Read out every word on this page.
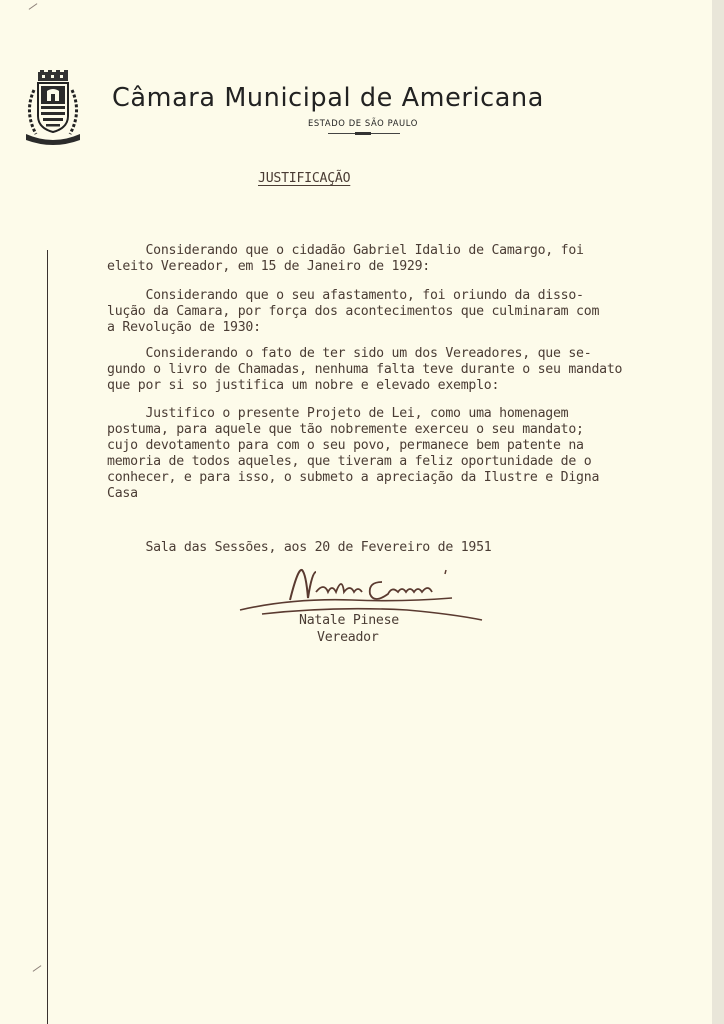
Câmara Municipal de Americana
ESTADO DE SÃO PAULO
JUSTIFICAÇÃO
Considerando que o cidadão Gabriel Idalio de Camargo, foi
eleito Vereador, em 15 de Janeiro de 1929:
Considerando que o seu afastamento, foi oriundo da disso-
lução da Camara, por força dos acontecimentos que culminaram com
a Revolução de 1930:
Considerando o fato de ter sido um dos Vereadores, que se-
gundo o livro de Chamadas, nenhuma falta teve durante o seu mandato
que por si so justifica um nobre e elevado exemplo:
Justifico o presente Projeto de Lei, como uma homenagem
postuma, para aquele que tão nobremente exerceu o seu mandato;
cujo devotamento para com o seu povo, permanece bem patente na
memoria de todos aqueles, que tiveram a feliz oportunidade de o
conhecer, e para isso, o submeto a apreciação da Ilustre e Digna
Casa
Sala das Sessões, aos 20 de Fevereiro de 1951
Natale Pinese
Vereador
